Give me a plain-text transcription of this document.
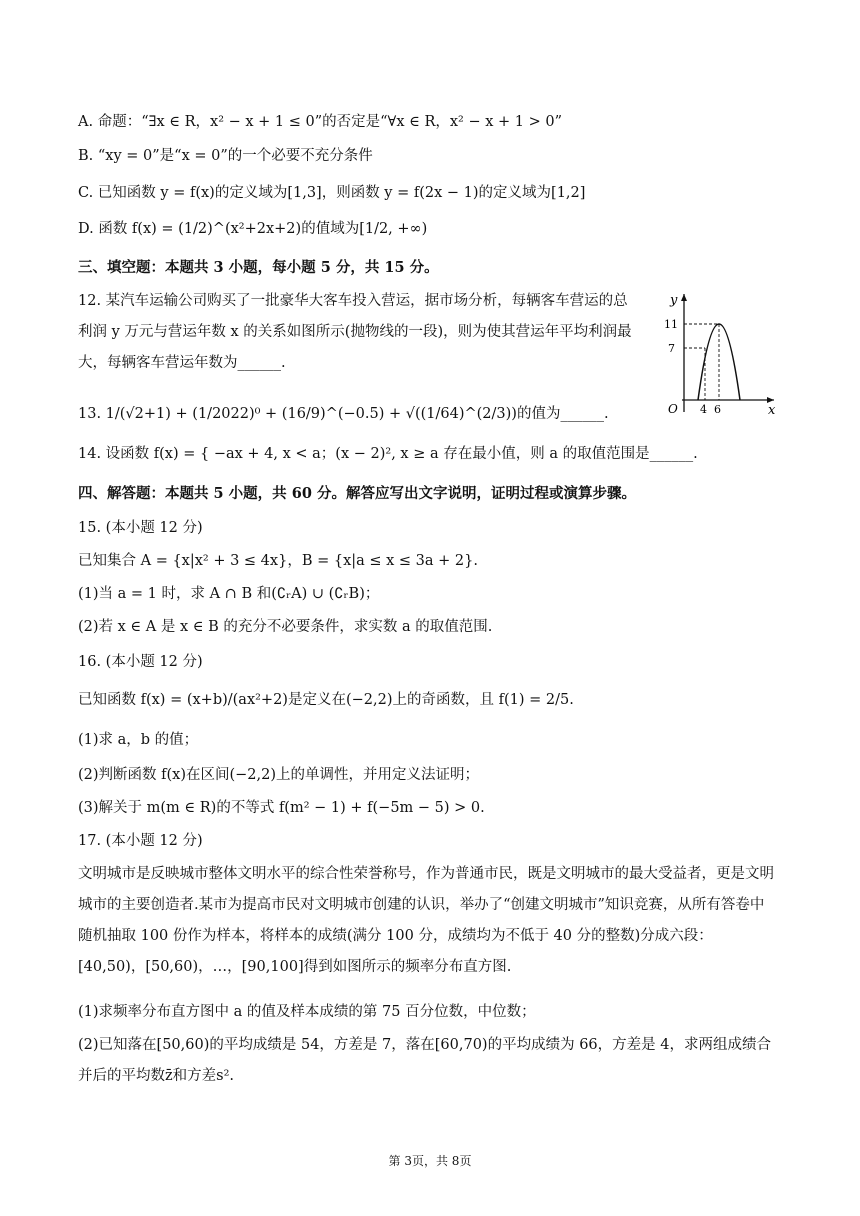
A. 命题：“∃x ∈ R，x² − x + 1 ≤ 0”的否定是“∀x ∈ R，x² − x + 1 > 0”
B. “xy = 0”是“x = 0”的一个必要不充分条件
C. 已知函数 y = f(x)的定义域为[1,3]，则函数 y = f(2x − 1)的定义域为[1,2]
D. 函数 f(x) = (1/2)^(x²+2x+2)的值域为[1/2, +∞)
三、填空题：本题共 3 小题，每小题 5 分，共 15 分。
12. 某汽车运输公司购买了一批豪华大客车投入营运，据市场分析，每辆客车营运的总利润 y 万元与营运年数 x 的关系如图所示(抛物线的一段)，则为使其营运年平均利润最大，每辆客车营运年数为______.
y
x
O
11
7
4 6
13. 1/(√2+1) + (1/2022)⁰ + (16/9)^(−0.5) + √((1/64)^(2/3))的值为______.
14. 设函数 f(x) = { −ax + 4, x < a；(x − 2)², x ≥ a 存在最小值，则 a 的取值范围是______.
四、解答题：本题共 5 小题，共 60 分。解答应写出文字说明，证明过程或演算步骤。
15. (本小题 12 分)
已知集合 A = {x|x² + 3 ≤ 4x}，B = {x|a ≤ x ≤ 3a + 2}.
(1)当 a = 1 时，求 A ∩ B 和(∁ᵣA) ∪ (∁ᵣB)；
(2)若 x ∈ A 是 x ∈ B 的充分不必要条件，求实数 a 的取值范围.
16. (本小题 12 分)
已知函数 f(x) = (x+b)/(ax²+2)是定义在(−2,2)上的奇函数，且 f(1) = 2/5.
(1)求 a，b 的值；
(2)判断函数 f(x)在区间(−2,2)上的单调性，并用定义法证明；
(3)解关于 m(m ∈ R)的不等式 f(m² − 1) + f(−5m − 5) > 0.
17. (本小题 12 分)
文明城市是反映城市整体文明水平的综合性荣誉称号，作为普通市民，既是文明城市的最大受益者，更是文明城市的主要创造者.某市为提高市民对文明城市创建的认识，举办了“创建文明城市”知识竞赛，从所有答卷中随机抽取 100 份作为样本，将样本的成绩(满分 100 分，成绩均为不低于 40 分的整数)分成六段：[40,50)，[50,60)，…，[90,100]得到如图所示的频率分布直方图.
(1)求频率分布直方图中 a 的值及样本成绩的第 75 百分位数，中位数；
(2)已知落在[50,60)的平均成绩是 54，方差是 7，落在[60,70)的平均成绩为 66，方差是 4，求两组成绩合并后的平均数z̄和方差s².
第 3页，共 8页
